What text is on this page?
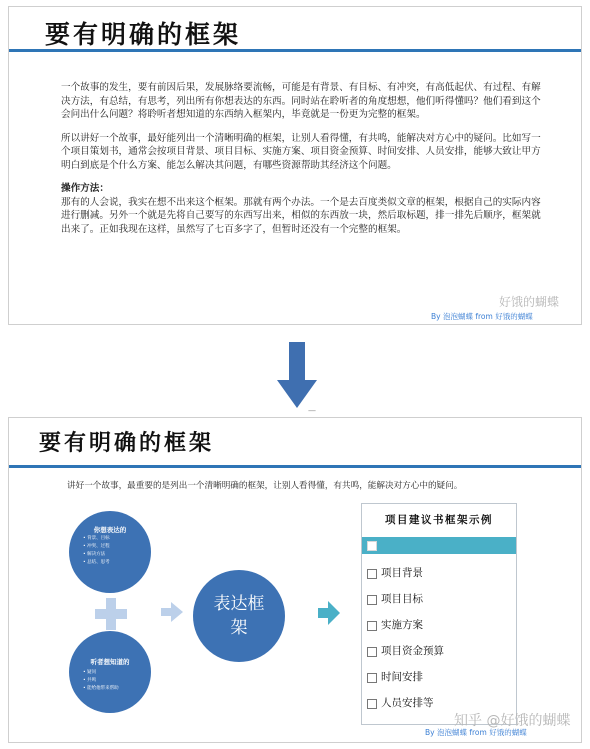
要有明确的框架

一个故事的发生，要有前因后果，发展脉络要流畅，可能是有背景、有目标、有冲突，有高低起伏、有过程、有解决方法，有总结，有思考，列出所有你想表达的东西。同时站在聆听者的角度想想，他们听得懂吗？他们看到这个会问出什么问题？将聆听者想知道的东西纳入框架内，毕竟就是一份更为完整的框架。

所以讲好一个故事，最好能列出一个清晰明确的框架，让别人看得懂，有共鸣，能解决对方心中的疑问。比如写一个项目策划书，通常会按项目背景、项目目标、实施方案、项目资金预算、时间安排、人员安排，能够大致让甲方明白到底是个什么方案、能怎么解决其问题，有哪些资源帮助其经济这个问题。

操作方法：

那有的人会说，我实在想不出来这个框架。那就有两个办法。一个是去百度类似文章的框架，根据自己的实际内容进行删减。另外一个就是先将自己要写的东西写出来，相似的东西放一块，然后取标题，排一排先后顺序，框架就出来了。正如我现在这样，虽然写了七百多字了，但暂时还没有一个完整的框架。

好饿的蝴蝶
By 泡泡蝴蝶 from 好饿的蝴蝶
—
要有明确的框架
讲好一个故事，最重要的是列出一个清晰明确的框架，让别人看得懂，有共鸣，能解决对方心中的疑问。
你想表达的
• 背景、目标
• 冲突、过程
• 解决方法
• 总结、思考
听者想知道的
• 疑问
• 共鸣
• 能给他带来帮助
表达框
架
项目建议书框架示例
项目背景
项目目标
实施方案
项目资金预算
时间安排
人员安排等
知乎 @好饿的蝴蝶
By 泡泡蝴蝶 from 好饿的蝴蝶
